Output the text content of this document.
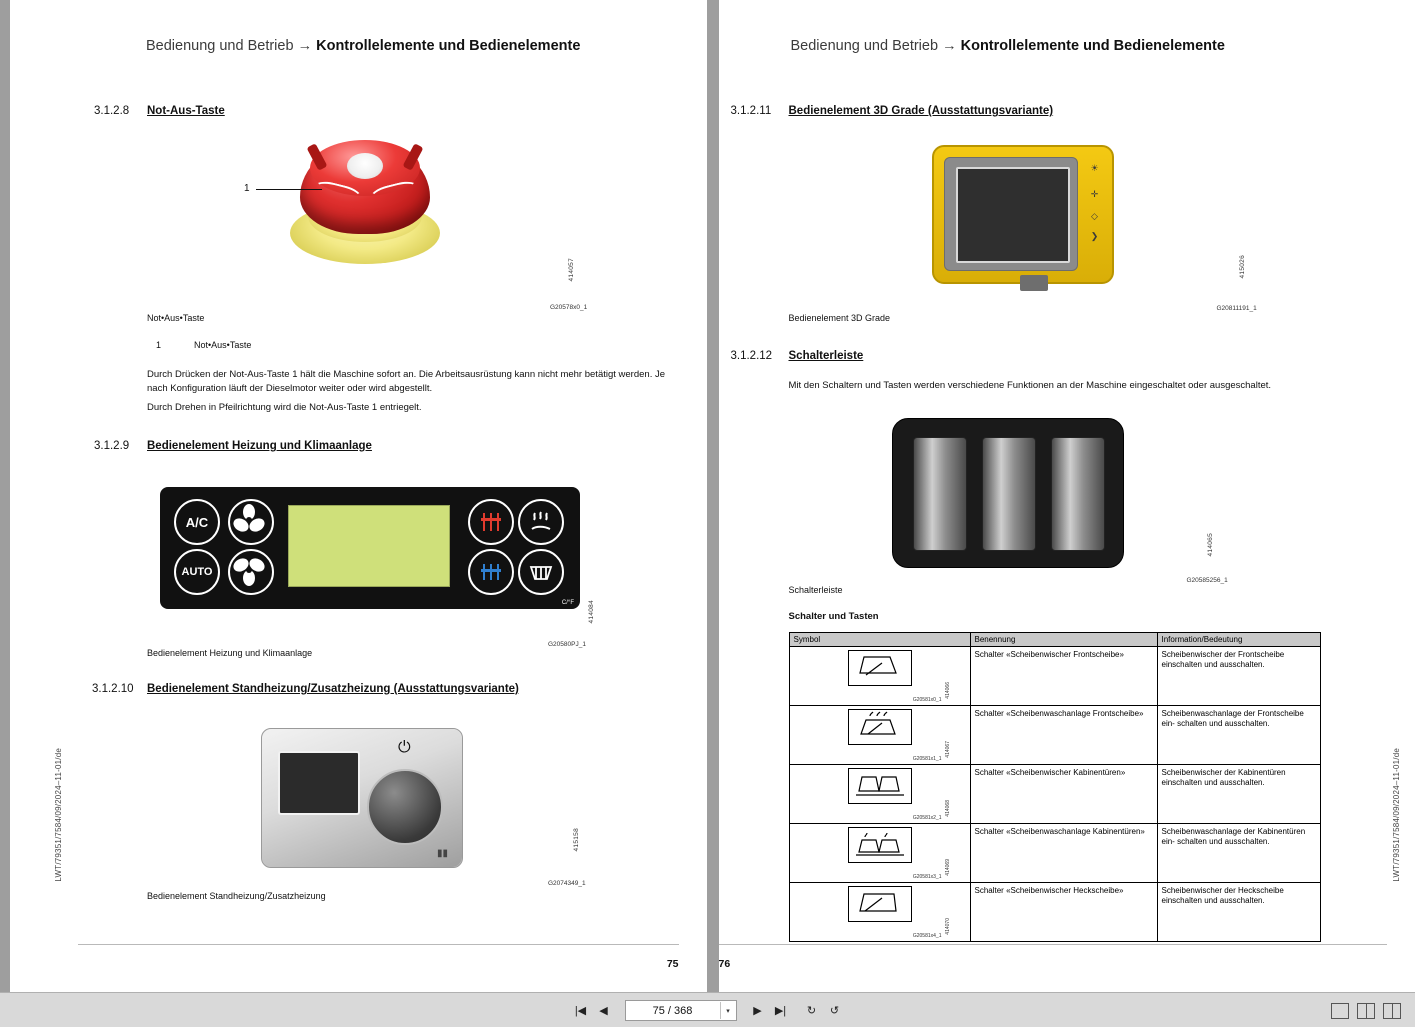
Bedienung und Betrieb → Kontrollelemente und Bedienelemente
LWT/79351/7584/09/2024–11-01/de
3.1.2.8 Not-Aus-Taste
1
414057
G20578x0_1
Not•Aus•Taste
1	Not•Aus•Taste
Durch Drücken der Not-Aus-Taste 1 hält die Maschine sofort an. Die Arbeitsausrüstung kann nicht mehr betätigt werden. Je nach Konfiguration läuft der Dieselmotor weiter oder wird abgestellt.
Durch Drehen in Pfeilrichtung wird die Not-Aus-Taste 1 entriegelt.
3.1.2.9 Bedienelement Heizung und Klimaanlage
A/C
AUTO
C/°F 414084
G20580PJ_1
Bedienelement Heizung und Klimaanlage
3.1.2.10 Bedienelement Standheizung/Zusatzheizung (Ausstattungsvariante)
⏻
▮▮
415158
G2074349_1
Bedienelement Standheizung/Zusatzheizung
75
Bedienung und Betrieb → Kontrollelemente und Bedienelemente
LWT/79351/7584/09/2024–11-01/de
3.1.2.11 Bedienelement 3D Grade (Ausstattungsvariante)
☀
✛
◇
❯
415026
G20811191_1
Bedienelement 3D Grade
3.1.2.12 Schalterleiste
Mit den Schaltern und Tasten werden verschiedene Funktionen an der Maschine eingeschaltet oder ausgeschaltet.
414065
G20585256_1
Schalterleiste
Schalter und Tasten
Symbol	Benennung	Information/Bedeutung

414066
G20581x0_1	Schalter «Scheibenwischer Frontscheibe»	Scheibenwischer der Frontscheibe einschalten und ausschalten.

414067
G20581x1_1	Schalter «Scheibenwaschanlage Frontscheibe»	Scheibenwaschanlage der Frontscheibe ein- schalten und ausschalten.

414068
G20581x2_1	Schalter «Scheibenwischer Kabinentüren»	Scheibenwischer der Kabinentüren einschalten und ausschalten.

414069
G20581x3_1	Schalter «Scheibenwaschanlage Kabinentüren»	Scheibenwaschanlage der Kabinentüren ein- schalten und ausschalten.

414070
G20581x4_1	Schalter «Scheibenwischer Heckscheibe»	Scheibenwischer der Heckscheibe einschalten und ausschalten.
76
|◀	◀	75 / 368	▾	▶	▶|	↻	↺
